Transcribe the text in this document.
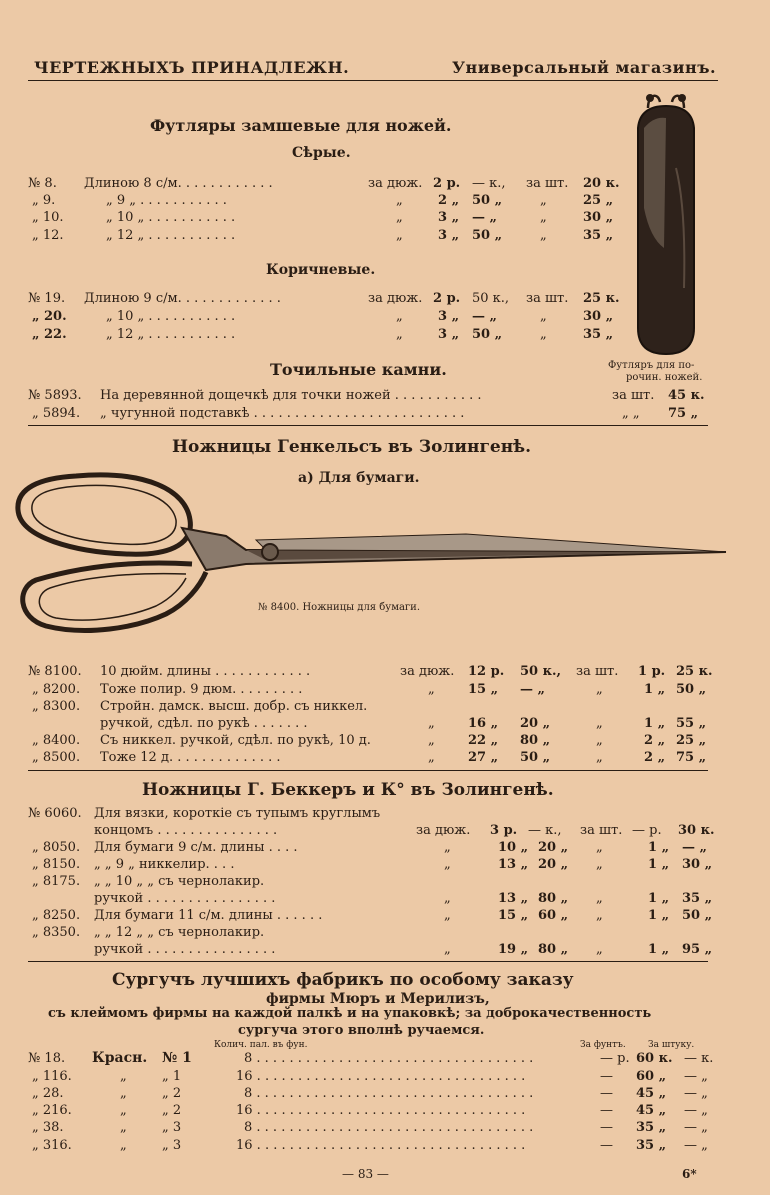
ЧЕРТЕЖНЫХЪ ПРИНАДЛЕЖН.	Универсальный магазинъ.
Футляры замшевые для ножей.
Сѣрые.
№ 8. Длиною 8 с/м. . . . . . . . . . . .	за дюж. 2 р. — к., за шт. 20 к.
„ 9.	„ 9 „ . . . . . . . . . . .	„	2 „ 50 „	„	25 „
„ 10.	„ 10 „ . . . . . . . . . . .	„	3 „ — „	„	30 „
„ 12.	„ 12 „ . . . . . . . . . . .	„	3 „ 50 „	„	35 „
Коричневые.
№ 19. Длиною 9 с/м. . . . . . . . . . . . .	за дюж. 2 р. 50 к., за шт. 25 к.
„ 20.	„ 10 „ . . . . . . . . . . .	„	3 „ — „	„	30 „
„ 22.	„ 12 „ . . . . . . . . . . .	„	3 „ 50 „	„	35 „
Футляръ для по-
рочин. ножей.
Точильные камни.
№ 5893. На деревянной дощечкѣ для точки ножей . . . . . . . . . . .	за шт. 45 к.
„ 5894. „ чугунной подставкѣ . . . . . . . . . . . . . . . . . . . . . . . . . .	„ „ 75 „
Ножницы Генкельсъ въ Золингенѣ.
а) Для бумаги.
№ 8400. Ножницы для бумаги.
№ 8100. 10 дюйм. длины . . . . . . . . . . . .	за дюж. 12 р. 50 к., за шт. 1 р. 25 к.
„ 8200. Тоже полир. 9 дюм. . . . . . . . .	„	15 „ — „	„	1 „ 50 „
„ 8300. Стройн. дамск. высш. добр. съ никкел.
ручкой, сдѣл. по рукѣ . . . . . . .	„	16 „ 20 „	„	1 „ 55 „
„ 8400. Съ никкел. ручкой, сдѣл. по рукѣ, 10 д.	„	22 „ 80 „	„	2 „ 25 „
„ 8500. Тоже 12 д. . . . . . . . . . . . . .	„	27 „ 50 „	„	2 „ 75 „
Ножницы Г. Беккеръ и К° въ Золингенѣ.
№ 6060. Для вязки, короткіе съ тупымъ круглымъ
концомъ . . . . . . . . . . . . . . .	за дюж. 3 р. — к., за шт. — р. 30 к.
„ 8050. Для бумаги 9 с/м. длины . . . .	„	10 „ 20 „ „	1 „ — „
„ 8150. „ „ 9 „ никкелир. . . .	„	13 „ 20 „ „	1 „ 30 „
„ 8175. „ „ 10 „ „ съ чернолакир.
ручкой . . . . . . . . . . . . . . . .	„	13 „ 80 „ „	1 „ 35 „
„ 8250. Для бумаги 11 с/м. длины . . . . . .	„	15 „ 60 „ „	1 „ 50 „
„ 8350. „ „ 12 „ „ съ чернолакир.
ручкой . . . . . . . . . . . . . . . .	„	19 „ 80 „ „	1 „ 95 „
Сургучъ лучшихъ фабрикъ по особому заказу
фирмы Мюръ и Мерилизъ,
съ клеймомъ фирмы на каждой палкѣ и на упаковкѣ; за доброкачественность
сургуча этого вполнѣ ручаемся.
Колич. пал. въ фун.	За фунтъ. За штуку.
№ 18. Красн. № 1	8 . . . . . . . . . . . . . . . . . . . . . . . . . . . . . . . . . .	— р. 60 к. — к.
„ 116.	„	„ 1	16 . . . . . . . . . . . . . . . . . . . . . . . . . . . . . . . . .	— 60 „ — „
„ 28.	„	„ 2	8 . . . . . . . . . . . . . . . . . . . . . . . . . . . . . . . . . .	— 45 „ — „
„ 216.	„	„ 2	16 . . . . . . . . . . . . . . . . . . . . . . . . . . . . . . . . .	— 45 „ — „
„ 38.	„	„ 3	8 . . . . . . . . . . . . . . . . . . . . . . . . . . . . . . . . . .	— 35 „ — „
„ 316.	„	„ 3	16 . . . . . . . . . . . . . . . . . . . . . . . . . . . . . . . . .	— 35 „ — „
— 83 —	6*
